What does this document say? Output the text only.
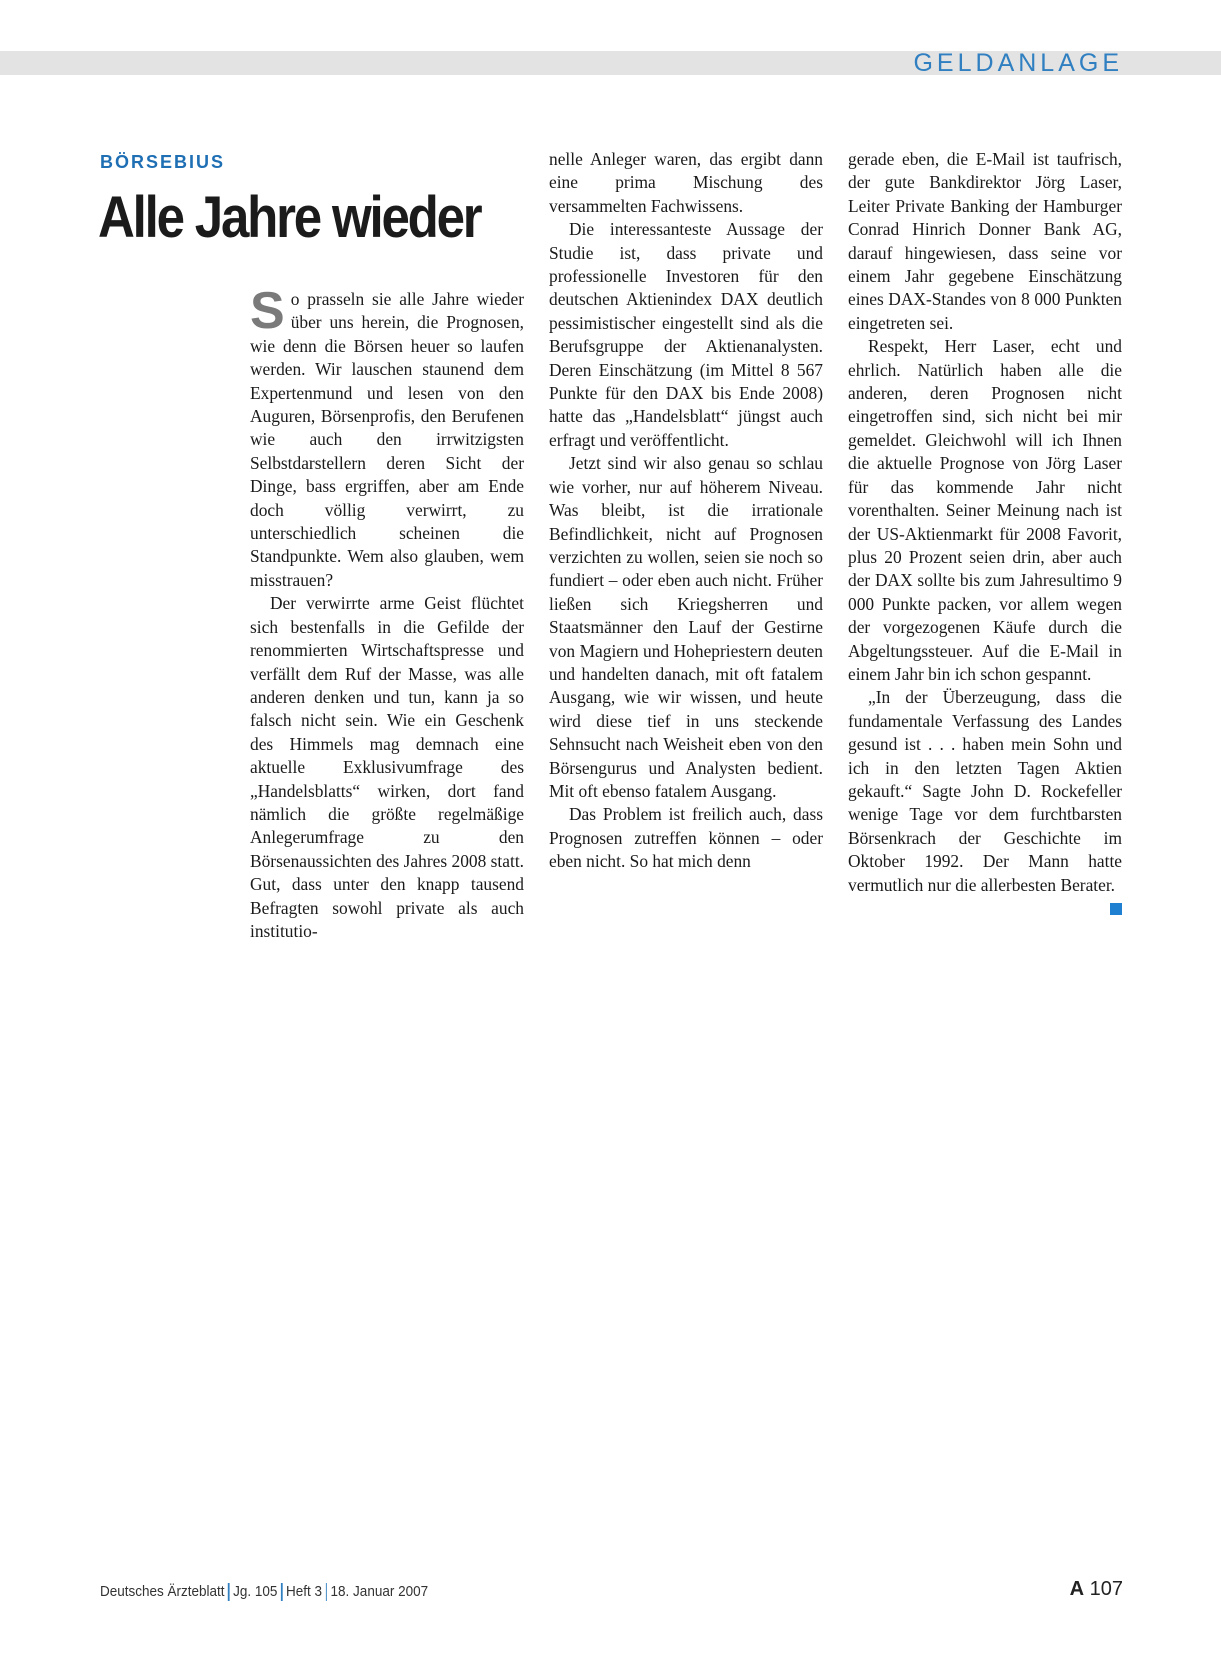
GELDANLAGE
BÖRSEBIUS
Alle Jahre wieder

So prasseln sie alle Jahre wieder über uns herein, die Prognosen, wie denn die Börsen heuer so laufen werden. Wir lauschen staunend dem Expertenmund und lesen von den Auguren, Börsenprofis, den Berufenen wie auch den irrwitzigsten Selbstdarstellern deren Sicht der Dinge, bass ergriffen, aber am Ende doch völlig verwirrt, zu unterschiedlich scheinen die Standpunkte. Wem also glauben, wem misstrauen?

Der verwirrte arme Geist flüchtet sich bestenfalls in die Gefilde der renommierten Wirtschaftspresse und verfällt dem Ruf der Masse, was alle anderen denken und tun, kann ja so falsch nicht sein. Wie ein Geschenk des Himmels mag demnach eine aktuelle Exklusivumfrage des „Handelsblatts“ wirken, dort fand nämlich die größte regelmäßige Anlegerumfrage zu den Börsenaussichten des Jahres 2008 statt. Gut, dass unter den knapp tausend Befragten sowohl private als auch institutio-

nelle Anleger waren, das ergibt dann eine prima Mischung des versammelten Fachwissens.

Die interessanteste Aussage der Studie ist, dass private und professionelle Investoren für den deutschen Aktienindex DAX deutlich pessimistischer eingestellt sind als die Berufsgruppe der Aktienanalysten. Deren Einschätzung (im Mittel 8 567 Punkte für den DAX bis Ende 2008) hatte das „Handelsblatt“ jüngst auch erfragt und veröffentlicht.

Jetzt sind wir also genau so schlau wie vorher, nur auf höherem Niveau. Was bleibt, ist die irrationale Befindlichkeit, nicht auf Prognosen verzichten zu wollen, seien sie noch so fundiert – oder eben auch nicht. Früher ließen sich Kriegsherren und Staatsmänner den Lauf der Gestirne von Magiern und Hohepriestern deuten und handelten danach, mit oft fatalem Ausgang, wie wir wissen, und heute wird diese tief in uns steckende Sehnsucht nach Weisheit eben von den Börsengurus und Analysten bedient. Mit oft ebenso fatalem Ausgang.

Das Problem ist freilich auch, dass Prognosen zutreffen können – oder eben nicht. So hat mich denn

gerade eben, die E-Mail ist taufrisch, der gute Bankdirektor Jörg Laser, Leiter Private Banking der Hamburger Conrad Hinrich Donner Bank AG, darauf hingewiesen, dass seine vor einem Jahr gegebene Einschätzung eines DAX-Standes von 8 000 Punkten eingetreten sei.

Respekt, Herr Laser, echt und ehrlich. Natürlich haben alle die anderen, deren Prognosen nicht eingetroffen sind, sich nicht bei mir gemeldet. Gleichwohl will ich Ihnen die aktuelle Prognose von Jörg Laser für das kommende Jahr nicht vorenthalten. Seiner Meinung nach ist der US-Aktienmarkt für 2008 Favorit, plus 20 Prozent seien drin, aber auch der DAX sollte bis zum Jahresultimo 9 000 Punkte packen, vor allem wegen der vorgezogenen Käufe durch die Abgeltungssteuer. Auf die E-Mail in einem Jahr bin ich schon gespannt.

„In der Überzeugung, dass die fundamentale Verfassung des Landes gesund ist . . . haben mein Sohn und ich in den letzten Tagen Aktien gekauft.“ Sagte John D. Rockefeller wenige Tage vor dem furchtbarsten Börsenkrach der Geschichte im Oktober 1992. Der Mann hatte vermutlich nur die allerbesten Berater.

Deutsches Ärzteblatt Jg. 105 Heft 3 18. Januar 2007	A 107
